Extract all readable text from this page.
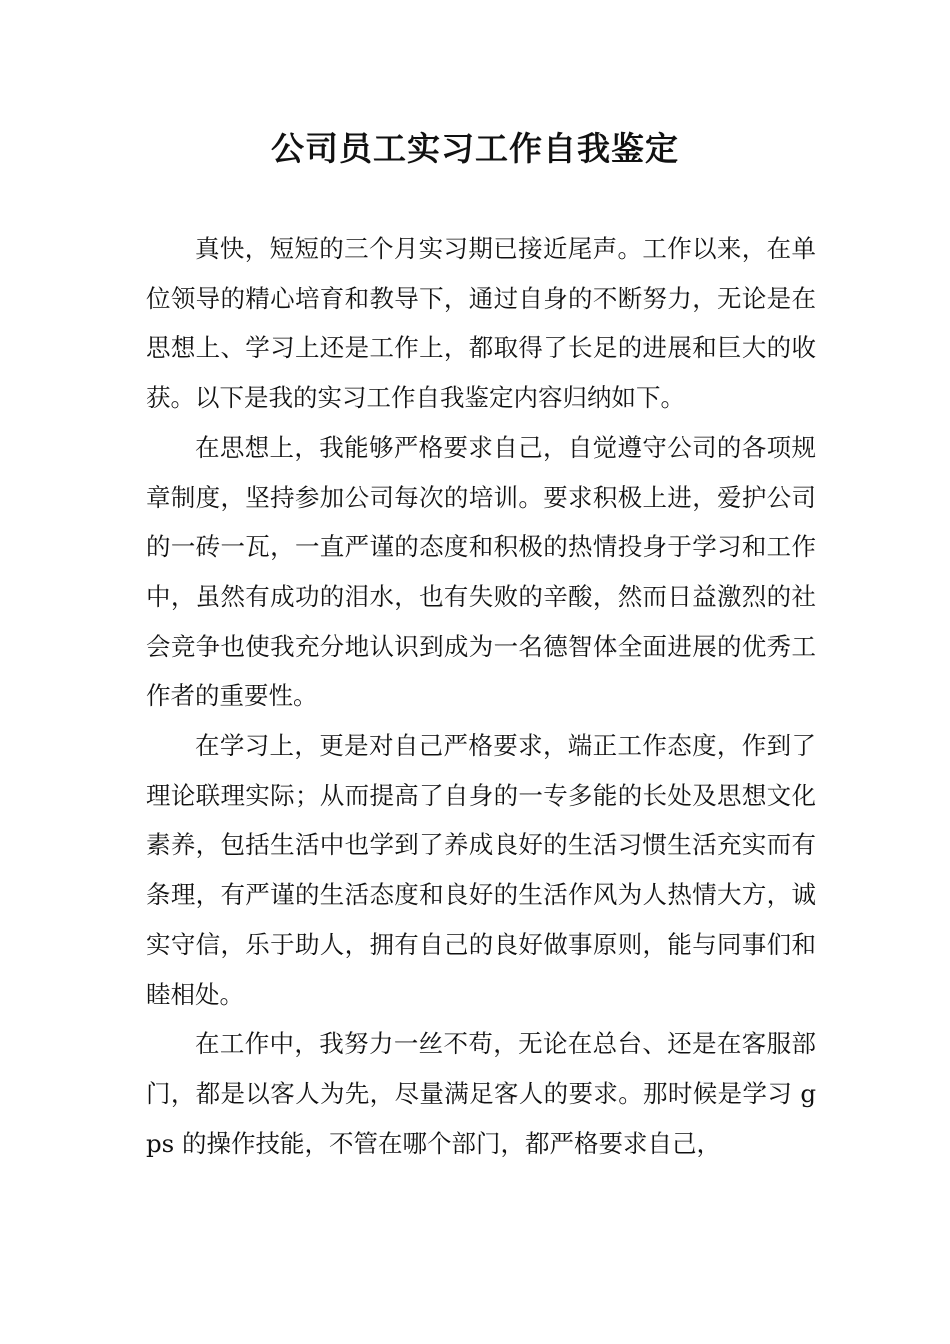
公司员工实习工作自我鉴定

真快，短短的三个月实习期已接近尾声。工作以来，在单位领导的精心培育和教导下，通过自身的不断努力，无论是在思想上、学习上还是工作上，都取得了长足的进展和巨大的收获。以下是我的实习工作自我鉴定内容归纳如下。

在思想上，我能够严格要求自己，自觉遵守公司的各项规章制度，坚持参加公司每次的培训。要求积极上进，爱护公司的一砖一瓦，一直严谨的态度和积极的热情投身于学习和工作中，虽然有成功的泪水，也有失败的辛酸，然而日益激烈的社会竞争也使我充分地认识到成为一名德智体全面进展的优秀工作者的重要性。

在学习上，更是对自己严格要求，端正工作态度，作到了理论联理实际；从而提高了自身的一专多能的长处及思想文化素养，包括生活中也学到了养成良好的生活习惯生活充实而有条理，有严谨的生活态度和良好的生活作风为人热情大方，诚实守信，乐于助人，拥有自己的良好做事原则，能与同事们和睦相处。

在工作中，我努力一丝不苟，无论在总台、还是在客服部门，都是以客人为先，尽量满足客人的要求。那时候是学习 gps 的操作技能，不管在哪个部门，都严格要求自己，
